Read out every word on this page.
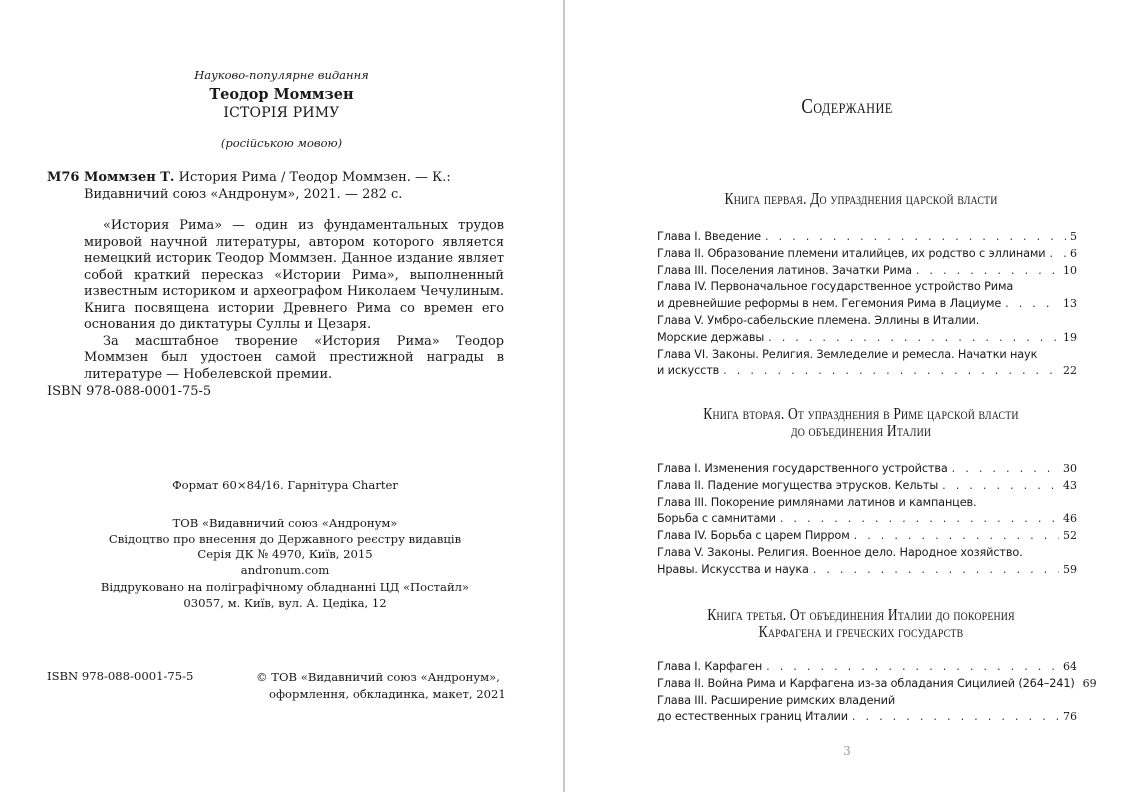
Науково-популярне видання
Теодор Моммзен
ІСТОРІЯ РИМУ
(російською мовою)
М76 Моммзен Т. История Рима / Теодор Моммзен. — К.: Видавничий союз «Андронум», 2021. — 282 с.

«История Рима» — один из фундаментальных трудов мировой научной литературы, автором которого является немецкий историк Теодор Моммзен. Данное издание являет собой краткий пересказ «Истории Рима», выполненный известным историком и археографом Николаем Чечулиным. Книга посвящена истории Древнего Рима со времен его основания до диктатуры Суллы и Цезаря.

За масштабное творение «История Рима» Теодор Моммзен был удостоен самой престижной награды в литературе — Нобелевской премии.

ISBN 978-088-0001-75-5
Формат 60×84/16. Гарнітура Charter
ТОВ «Видавничий союз «Андронум»
Свідоцтво про внесення до Державного реєстру видавців
Серія ДК № 4970, Київ, 2015
andronum.com
Віддруковано на поліграфічному обладнанні ЦД «Постайл»
03057, м. Київ, вул. А. Цедіка, 12
ISBN 978-088-0001-75-5	© ТОВ «Видавничий союз «Андронум»,
оформлення, обкладинка, макет, 2021
Содержание
Книга первая. До упразднения царской власти
Глава I. Введение . . .	5
Глава II. Образование племени италийцев, их родство с эллинами . . . 6
Глава III. Поселения латинов. Зачатки Рима . . .	10
Глава IV. Первоначальное государственное устройство Рима
и древнейшие реформы в нем. Гегемония Рима в Лациуме . . .	13
Глава V. Умбро-сабельские племена. Эллины в Италии.
Морские державы . . .	19
Глава VI. Законы. Религия. Земледелие и ремесла. Начатки наук
и искусств . . .	22
Книга вторая. От упразднения в Риме царской власти
до объединения Италии
Глава I. Изменения государственного устройства . . .	30
Глава II. Падение могущества этрусков. Кельты . . .	43
Глава III. Покорение римлянами латинов и кампанцев.
Борьба с самнитами . . .	46
Глава IV. Борьба с царем Пирром . . .	52
Глава V. Законы. Религия. Военное дело. Народное хозяйство.
Нравы. Искусства и наука . . .	59
Книга третья. От объединения Италии до покорения
Карфагена и греческих государств
Глава I. Карфаген . . .	64
Глава II. Война Рима и Карфагена из-за обладания Сицилией (264–241) 69
Глава III. Расширение римских владений
до естественных границ Италии . . .	76
3
